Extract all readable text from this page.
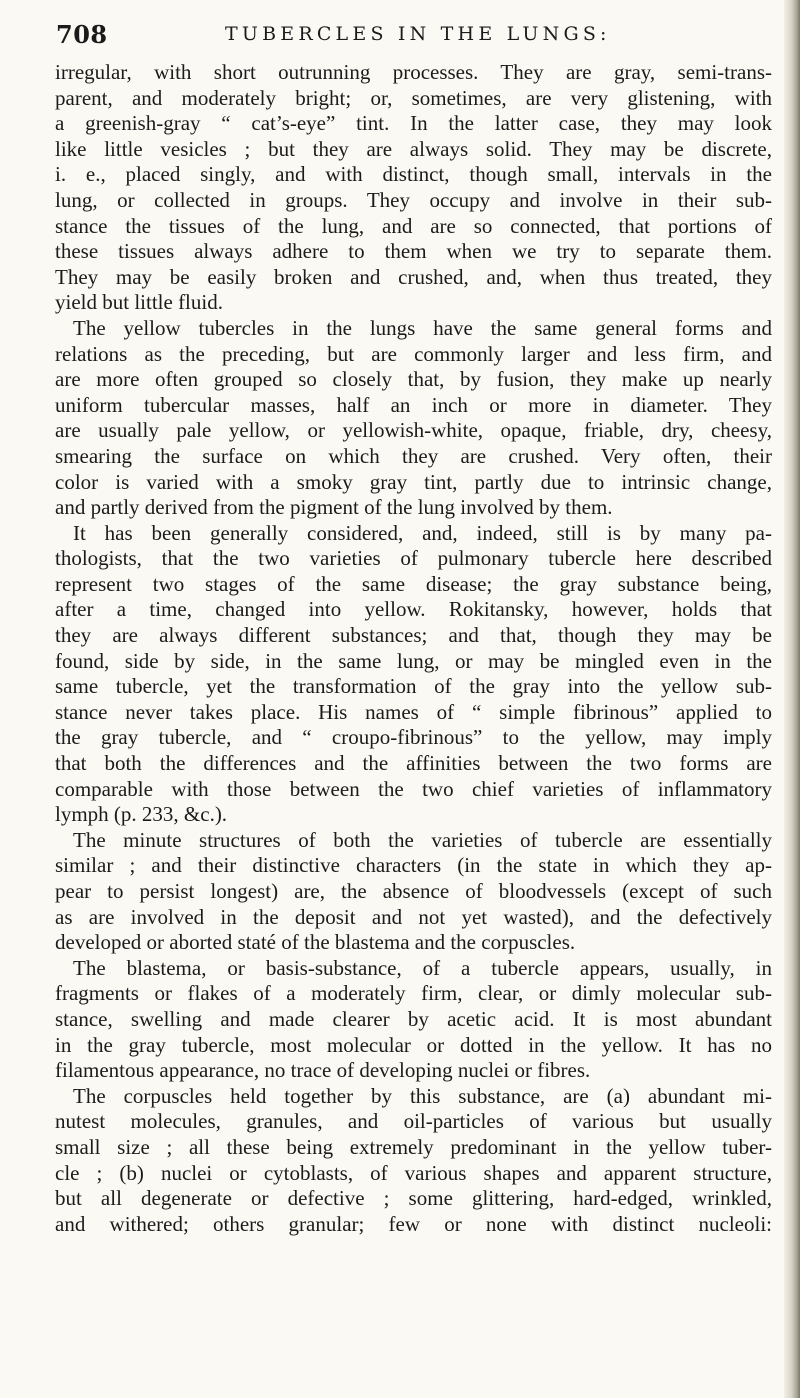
708	TUBERCLES IN THE LUNGS:
irregular, with short outrunning processes. They are gray, semi-trans-
parent, and moderately bright; or, sometimes, are very glistening, with
a greenish-gray “ cat’s-eye” tint. In the latter case, they may look
like little vesicles ; but they are always solid. They may be discrete,
i. e., placed singly, and with distinct, though small, intervals in the
lung, or collected in groups. They occupy and involve in their sub-
stance the tissues of the lung, and are so connected, that portions of
these tissues always adhere to them when we try to separate them.
They may be easily broken and crushed, and, when thus treated, they
yield but little fluid.
The yellow tubercles in the lungs have the same general forms and
relations as the preceding, but are commonly larger and less firm, and
are more often grouped so closely that, by fusion, they make up nearly
uniform tubercular masses, half an inch or more in diameter. They
are usually pale yellow, or yellowish-white, opaque, friable, dry, cheesy,
smearing the surface on which they are crushed. Very often, their
color is varied with a smoky gray tint, partly due to intrinsic change,
and partly derived from the pigment of the lung involved by them.
It has been generally considered, and, indeed, still is by many pa-
thologists, that the two varieties of pulmonary tubercle here described
represent two stages of the same disease; the gray substance being,
after a time, changed into yellow. Rokitansky, however, holds that
they are always different substances; and that, though they may be
found, side by side, in the same lung, or may be mingled even in the
same tubercle, yet the transformation of the gray into the yellow sub-
stance never takes place. His names of “ simple fibrinous” applied to
the gray tubercle, and “ croupo-fibrinous” to the yellow, may imply
that both the differences and the affinities between the two forms are
comparable with those between the two chief varieties of inflammatory
lymph (p. 233, &c.).
The minute structures of both the varieties of tubercle are essentially
similar ; and their distinctive characters (in the state in which they ap-
pear to persist longest) are, the absence of bloodvessels (except of such
as are involved in the deposit and not yet wasted), and the defectively
developed or aborted staté of the blastema and the corpuscles.
The blastema, or basis-substance, of a tubercle appears, usually, in
fragments or flakes of a moderately firm, clear, or dimly molecular sub-
stance, swelling and made clearer by acetic acid. It is most abundant
in the gray tubercle, most molecular or dotted in the yellow. It has no
filamentous appearance, no trace of developing nuclei or fibres.
The corpuscles held together by this substance, are (a) abundant mi-
nutest molecules, granules, and oil-particles of various but usually
small size ; all these being extremely predominant in the yellow tuber-
cle ; (b) nuclei or cytoblasts, of various shapes and apparent structure,
but all degenerate or defective ; some glittering, hard-edged, wrinkled,
and withered; others granular; few or none with distinct nucleoli:
